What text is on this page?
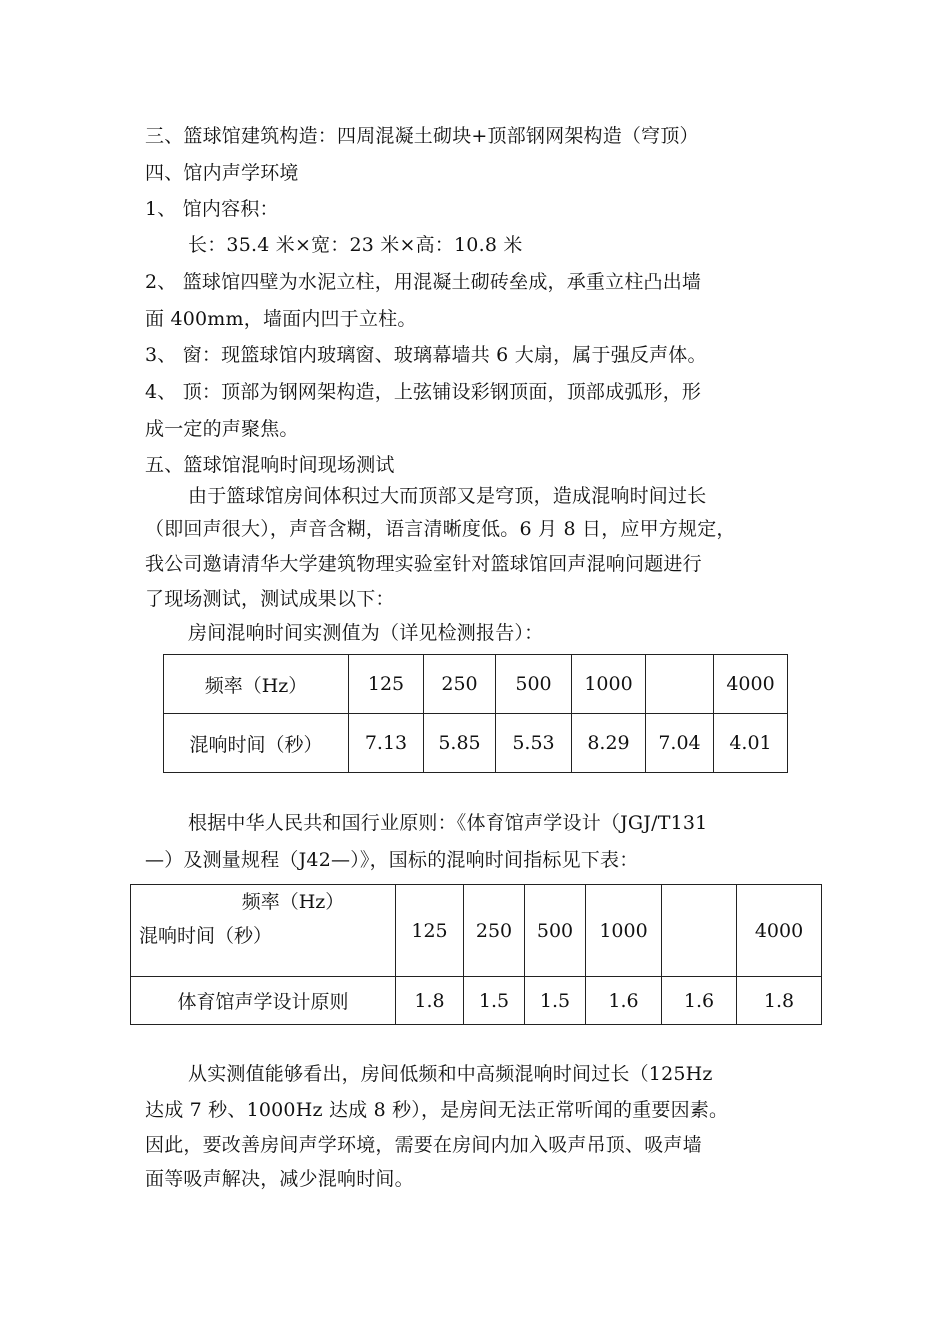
三、篮球馆建筑构造：四周混凝土砌块+顶部钢网架构造（穹顶）
四、馆内声学环境
1、 馆内容积：
长：35.4 米×宽：23 米×高：10.8 米
2、 篮球馆四壁为水泥立柱，用混凝土砌砖垒成，承重立柱凸出墙
面 400mm，墙面内凹于立柱。
3、 窗：现篮球馆内玻璃窗、玻璃幕墙共 6 大扇，属于强反声体。
4、 顶：顶部为钢网架构造，上弦铺设彩钢顶面，顶部成弧形，形
成一定的声聚焦。
五、篮球馆混响时间现场测试
由于篮球馆房间体积过大而顶部又是穹顶，造成混响时间过长
（即回声很大），声音含糊，语言清晰度低。6 月 8 日，应甲方规定，
我公司邀请清华大学建筑物理实验室针对篮球馆回声混响问题进行
了现场测试，测试成果以下：
房间混响时间实测值为（详见检测报告）：
频率（Hz）	125	250	500	1000		4000
混响时间（秒）	7.13	5.85	5.53	8.29	7.04	4.01
根据中华人民共和国行业原则：《体育馆声学设计（JGJ/T131
—）及测量规程（J42—）》，国标的混响时间指标见下表：
频率（Hz）
混响时间（秒）	125	250	500	1000		4000
体育馆声学设计原则	1.8	1.5	1.5	1.6	1.6	1.8
从实测值能够看出，房间低频和中高频混响时间过长（125Hz
达成 7 秒、1000Hz 达成 8 秒），是房间无法正常听闻的重要因素。
因此，要改善房间声学环境，需要在房间内加入吸声吊顶、吸声墙
面等吸声解决，减少混响时间。
